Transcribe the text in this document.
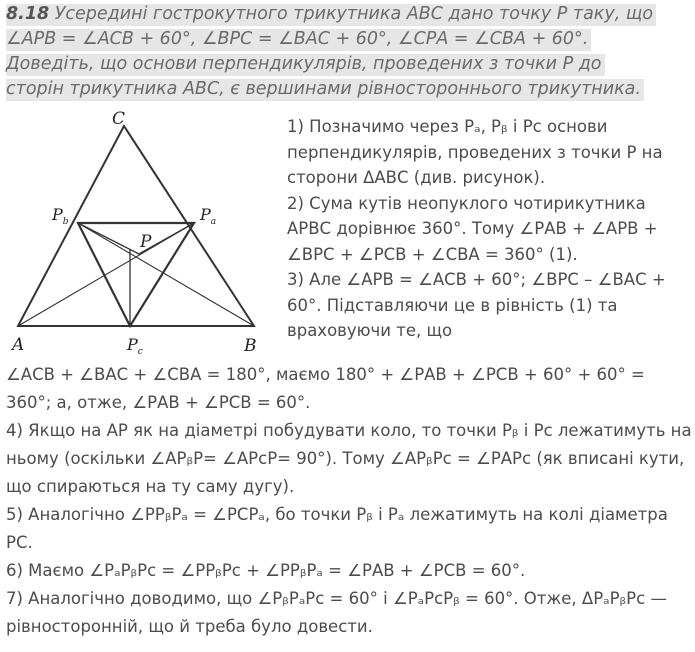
8.18 Усередині гострокутного трикутника АВС дано точку Р таку, що
∠АРВ = ∠АСВ + 60°, ∠ВРС = ∠ВАС + 60°, ∠СРА = ∠СВА + 60°.
Доведіть, що основи перпендикулярів, проведених з точки Р до
сторін трикутника АВС, є вершинами рівностороннього трикутника.
C
A	B
P
$P_b$	$P_a$
$P_c$

1) Позначимо через Pₐ, Pᵦ і Pс основи перпендикулярів, проведених з точки Р на сторони ΔАВС (див. рисунок).

2) Сума кутів неопуклого чотирикутника АРВС дорівнює 360°. Тому ∠РАВ + ∠АРВ + ∠ВРС + ∠РСВ + ∠СВА = 360° (1).

3) Але ∠АРВ = ∠АСВ + 60°; ∠ВРС – ∠ВАС + 60°. Підставляючи це в рівність (1) та враховуючи те, що

∠АСВ + ∠ВАС + ∠СВА = 180°, маємо 180° + ∠РАВ + ∠РСВ + 60° + 60° = 360°; а, отже, ∠РАВ + ∠РСВ = 60°.

4) Якщо на АР як на діаметрі побудувати коло, то точки Pᵦ і Pс лежатимуть на ньому (оскільки ∠АPᵦР= ∠АPсР= 90°). Тому ∠АPᵦPс = ∠РАPс (як вписані кути, що спираються на ту саму дугу).

5) Аналогічно ∠РPᵦPₐ = ∠РСPₐ, бо точки Pᵦ і Pₐ лежатимуть на колі діаметра РС.

6) Маємо ∠PₐPᵦPс = ∠РPᵦPс + ∠РPᵦPₐ = ∠РАВ + ∠РСВ = 60°.

7) Аналогічно доводимо, що ∠PᵦPₐPс = 60° і ∠PₐPсPᵦ = 60°. Отже, ΔPₐPᵦPс — рівносторонній, що й треба було довести.
